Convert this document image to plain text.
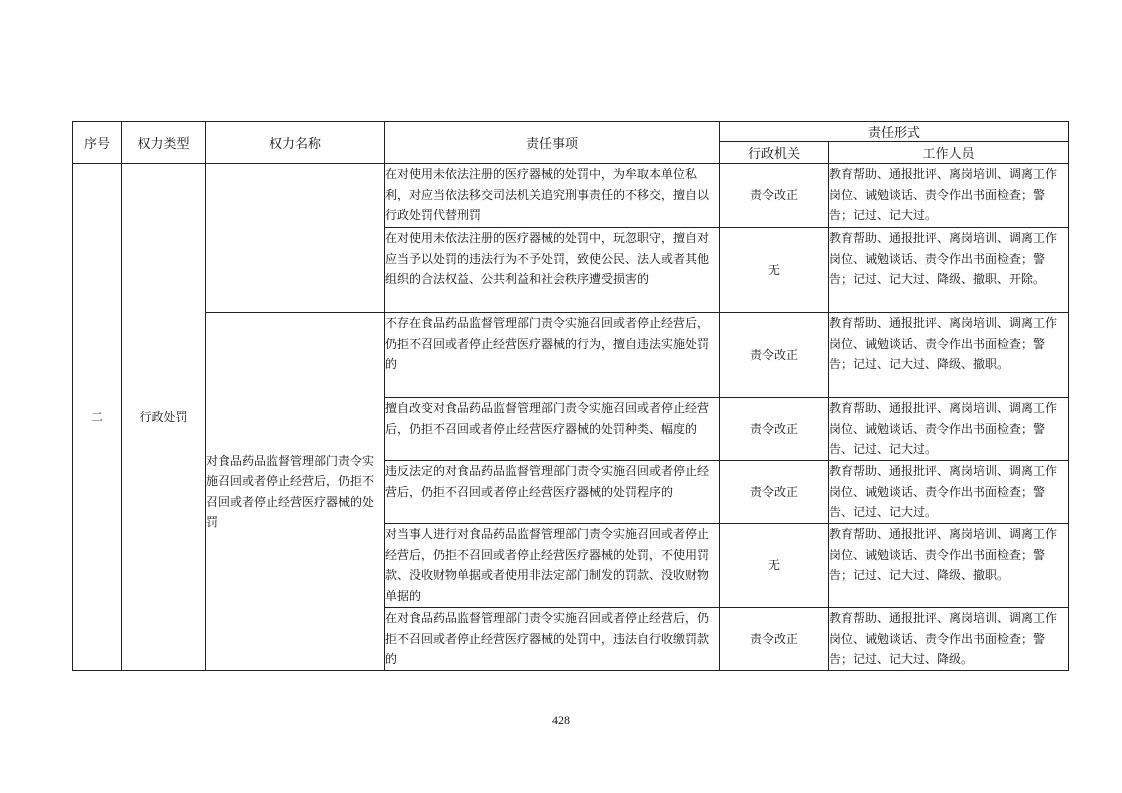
序号	权力类型	权力名称	责任事项	责任形式	
				行政机关	工作人员
二	行政处罚		在对使用未依法注册的医疗器械的处罚中，为牟取本单位私利，对应当依法移交司法机关追究刑事责任的不移交，擅自以行政处罚代替刑罚	责令改正	教育帮助、通报批评、离岗培训、调离工作岗位、诫勉谈话、责令作出书面检查；警告；记过、记大过。
			在对使用未依法注册的医疗器械的处罚中，玩忽职守，擅自对应当予以处罚的违法行为不予处罚，致使公民、法人或者其他组织的合法权益、公共利益和社会秩序遭受损害的	无	教育帮助、通报批评、离岗培训、调离工作岗位、诫勉谈话、责令作出书面检查；警告；记过、记大过、降级、撤职、开除。
		对食品药品监督管理部门责令实施召回或者停止经营后，仍拒不召回或者停止经营医疗器械的处罚	不存在食品药品监督管理部门责令实施召回或者停止经营后，仍拒不召回或者停止经营医疗器械的行为，擅自违法实施处罚的	责令改正	教育帮助、通报批评、离岗培训、调离工作岗位、诫勉谈话、责令作出书面检查；警告；记过、记大过、降级、撤职。
			擅自改变对食品药品监督管理部门责令实施召回或者停止经营后，仍拒不召回或者停止经营医疗器械的处罚种类、幅度的	责令改正	教育帮助、通报批评、离岗培训、调离工作岗位、诫勉谈话、责令作出书面检查；警告、记过、记大过。
			违反法定的对食品药品监督管理部门责令实施召回或者停止经营后，仍拒不召回或者停止经营医疗器械的处罚程序的	责令改正	教育帮助、通报批评、离岗培训、调离工作岗位、诫勉谈话、责令作出书面检查；警告、记过、记大过。
			对当事人进行对食品药品监督管理部门责令实施召回或者停止经营后，仍拒不召回或者停止经营医疗器械的处罚，不使用罚款、没收财物单据或者使用非法定部门制发的罚款、没收财物单据的	无	教育帮助、通报批评、离岗培训、调离工作岗位、诫勉谈话、责令作出书面检查；警告；记过、记大过、降级、撤职。
			在对食品药品监督管理部门责令实施召回或者停止经营后，仍拒不召回或者停止经营医疗器械的处罚中，违法自行收缴罚款的	责令改正	教育帮助、通报批评、离岗培训、调离工作岗位、诫勉谈话、责令作出书面检查；警告；记过、记大过、降级。
428
